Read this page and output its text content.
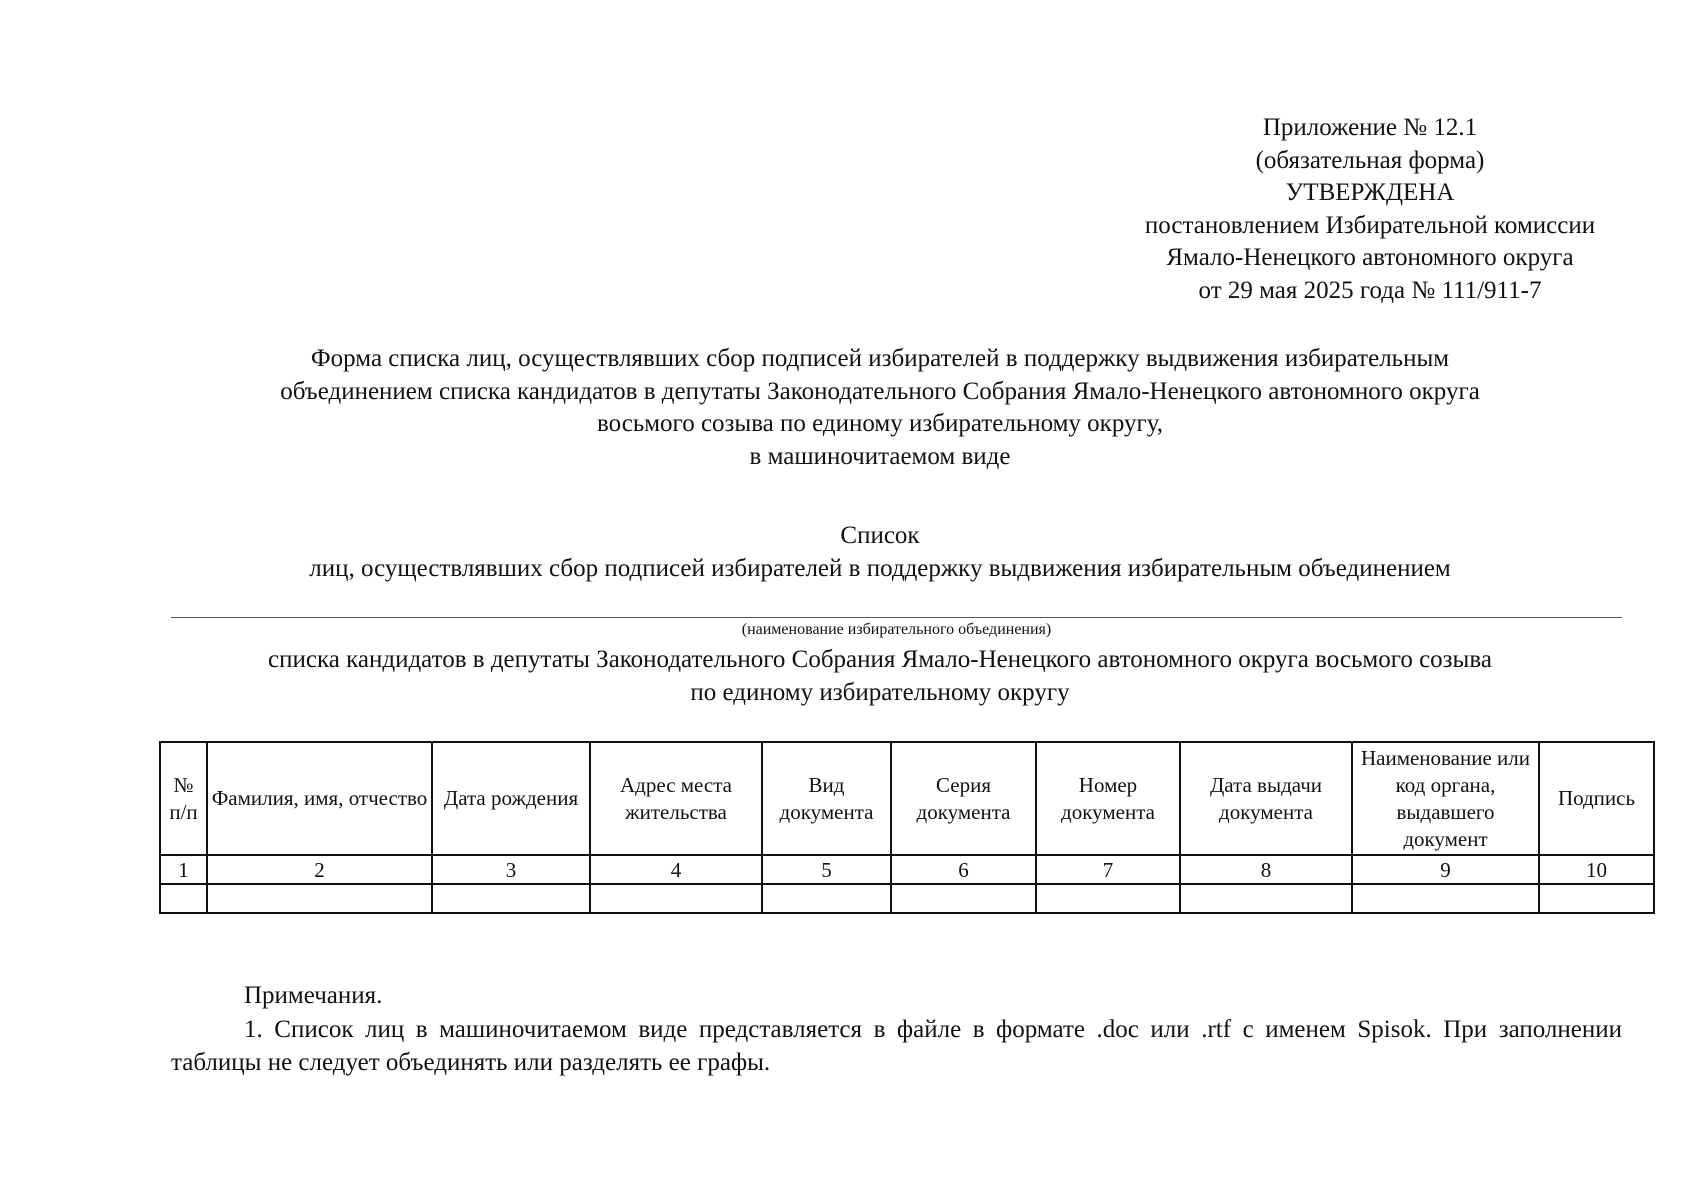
Приложение № 12.1
(обязательная форма)
УТВЕРЖДЕНА
постановлением Избирательной комиссии
Ямало-Ненецкого автономного округа
от 29 мая 2025 года № 111/911-7
Форма списка лиц, осуществлявших сбор подписей избирателей в поддержку выдвижения избирательным
объединением списка кандидатов в депутаты Законодательного Собрания Ямало-Ненецкого автономного округа
восьмого созыва по единому избирательному округу,
в машиночитаемом виде
Список
лиц, осуществлявших сбор подписей избирателей в поддержку выдвижения избирательным объединением
(наименование избирательного объединения)
списка кандидатов в депутаты Законодательного Собрания Ямало-Ненецкого автономного округа восьмого созыва
по единому избирательному округу
№ п/п	Фамилия, имя, отчество	Дата рождения	Адрес места жительства	Вид документа	Серия документа	Номер документа	Дата выдачи документа	Наименование или код органа, выдавшего документ	Подпись
1	2	3	4	5	6	7	8	9	10

Примечания.
1. Список лиц в машиночитаемом виде представляется в файле в формате .doc или .rtf с именем Spisok. При заполнении таблицы не следует объединять или разделять ее графы.
